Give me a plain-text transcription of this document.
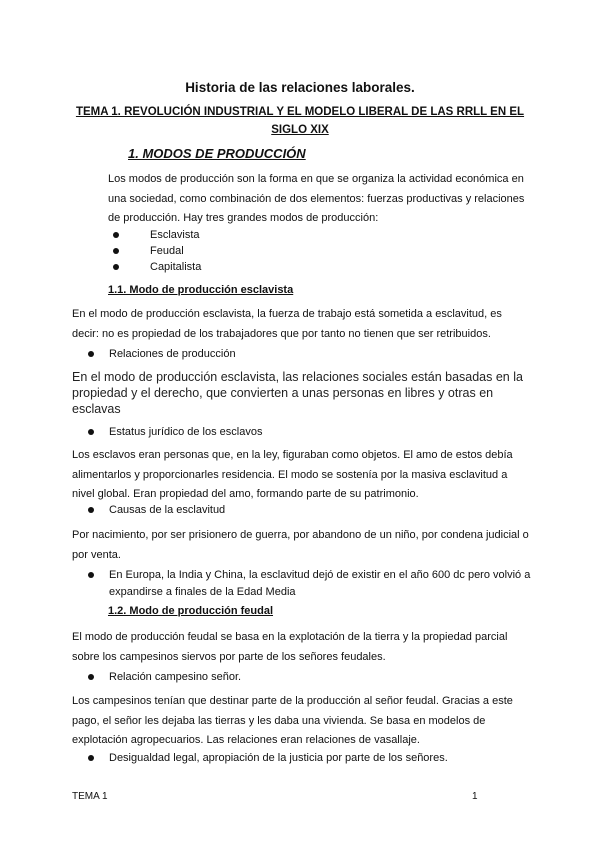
Historia de las relaciones laborales.

TEMA 1. REVOLUCIÓN INDUSTRIAL Y EL MODELO LIBERAL DE LAS RRLL EN EL SIGLO XIX

1. MODOS DE PRODUCCIÓN

Los modos de producción son la forma en que se organiza la actividad económica en una sociedad, como combinación de dos elementos: fuerzas productivas y relaciones de producción. Hay tres grandes modos de producción:

Esclavista
Feudal
Capitalista

1.1. Modo de producción esclavista

En el modo de producción esclavista, la fuerza de trabajo está sometida a esclavitud, es decir: no es propiedad de los trabajadores que por tanto no tienen que ser retribuidos.

Relaciones de producción

En el modo de producción esclavista, las relaciones sociales están basadas en la propiedad y el derecho, que convierten a unas personas en libres y otras en esclavas

Estatus jurídico de los esclavos

Los esclavos eran personas que, en la ley, figuraban como objetos. El amo de estos debía alimentarlos y proporcionarles residencia. El modo se sostenía por la masiva esclavitud a nivel global. Eran propiedad del amo, formando parte de su patrimonio.

Causas de la esclavitud

Por nacimiento, por ser prisionero de guerra, por abandono de un niño, por condena judicial o por venta.

En Europa, la India y China, la esclavitud dejó de existir en el año 600 dc pero volvió a expandirse a finales de la Edad Media

1.2. Modo de producción feudal

El modo de producción feudal se basa en la explotación de la tierra y la propiedad parcial sobre los campesinos siervos por parte de los señores feudales.

Relación campesino señor.

Los campesinos tenían que destinar parte de la producción al señor feudal. Gracias a este pago, el señor les dejaba las tierras y les daba una vivienda. Se basa en modelos de explotación agropecuarios. Las relaciones eran relaciones de vasallaje.

Desigualdad legal, apropiación de la justicia por parte de los señores.

TEMA 1	1
